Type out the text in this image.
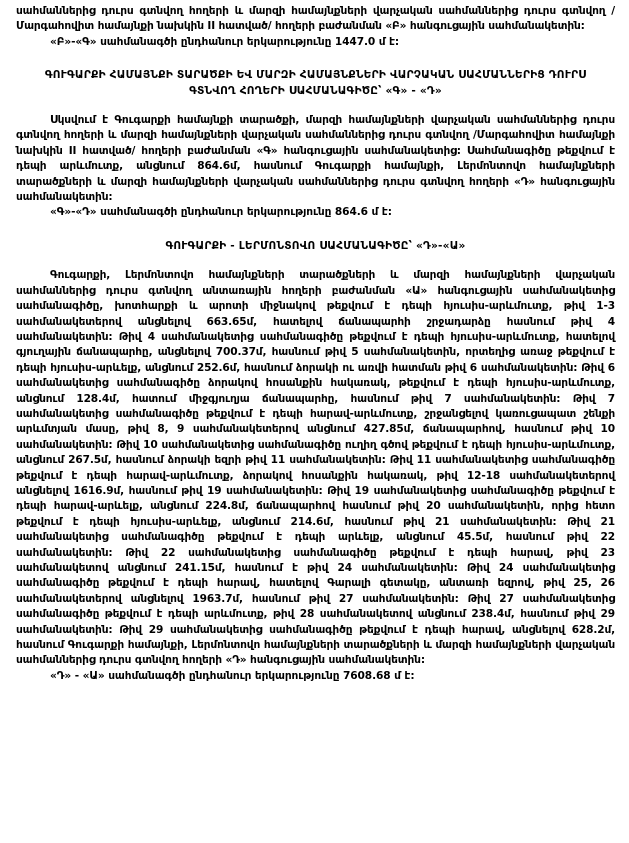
սահմաններից դուրս գտնվող հողերի և մարզի համայնքների վարչական սահմաններից դուրս գտնվող /Մարգահովիտ համայնքի նախկին II հատված/ հողերի բաժանման «Բ» հանգուցային սահմանակետին:

«Բ»-«Գ» սահմանագծի ընդհանուր երկարությունը 1447.0 մ է:

ԳՈՒԳԱՐՔԻ ՀԱՄԱՅՆՔԻ ՏԱՐԱԾՔԻ ԵՎ ՄԱՐԶԻ ՀԱՄԱՅՆՔՆԵՐԻ ՎԱՐՉԱԿԱՆ ՍԱՀՄԱՆՆԵՐԻՑ ԴՈՒՐՍ

ԳՏՆՎՈՂ ՀՈՂԵՐԻ ՍԱՀՄԱՆԱԳԻԾԸ՝ «Գ» - «Դ»

Սկսվում է Գուգարքի համայնքի տարածքի, մարզի համայնքների վարչական սահմաններից դուրս գտնվող հողերի և մարզի համայնքների վարչական սահմաններից դուրս գտնվող /Մարգահովիտ համայնքի նախկին II հատված/ հողերի բաժանման «Գ» հանգուցային սահմանակետից: Սահմանագիծը թեքվում է դեպի արևմուտք, անցնում 864.6մ, հասնում Գուգարքի համայնքի, Լերմոնտովո համայնքների տարածքների և մարզի համայնքների վարչական սահմաններից դուրս գտնվող հողերի «Դ» հանգուցային սահմանակետին:

«Գ»-«Դ» սահմանագծի ընդհանուր երկարությունը 864.6 մ է:

ԳՈՒԳԱՐՔԻ - ԼԵՐՄՈՆՏՈՎՈ ՍԱՀՄԱՆԱԳԻԾԸ՝ «Դ»-«Ա»

Գուգարքի, Լերմոնտովո համայնքների տարածքների և մարզի համայնքների վարչական սահմաններից դուրս գտնվող անտառային հողերի բաժանման «Ա» հանգուցային սահմանակետից սահմանագիծը, խոտհարքի և արոտի միջնակով թեքվում է դեպի հյուսիս-արևմուտք, թիվ 1-3 սահմանակետերով անցնելով 663.65մ, հատելով ճանապարհի շրջադարձը հասնում թիվ 4 սահմանակետին: Թիվ 4 սահմանակետից սահմանագիծը թեքվում է դեպի հյուսիս-արևմուտք, հատելով գյուղային ճանապարհը, անցնելով 700.37մ, հասնում թիվ 5 սահմանակետին, որտեղից առաջ թեքվում է դեպի հյուսիս-արևելք, անցնում 252.6մ, հասնում ձորակի ու առվի հատման թիվ 6 սահմանակետին: Թիվ 6 սահմանակետից սահմանագիծը ձորակով հոսանքին հակառակ, թեքվում է դեպի հյուսիս-արևմուտք, անցնում 128.4մ, հատում միջգյուղյա ճանապարհը, հասնում թիվ 7 սահմանակետին: Թիվ 7 սահմանակետից սահմանագիծը թեքվում է դեպի հարավ-արևմուտք, շրջանցելով կառուցապատ շենքի արևմտյան մասը, թիվ 8, 9 սահմանակետերով անցնում 427.85մ, ճանապարհով, հասնում թիվ 10 սահմանակետին: Թիվ 10 սահմանակետից սահմանագիծը ուղիղ գծով թեքվում է դեպի հյուսիս-արևմուտք, անցնում 267.5մ, հասնում ձորակի եզրի թիվ 11 սահմանակետին: Թիվ 11 սահմանակետից սահմանագիծը թեքվում է դեպի հարավ-արևմուտք, ձորակով հոսանքին հակառակ, թիվ 12-18 սահմանակետերով անցնելով 1616.9մ, հասնում թիվ 19 սահմանակետին: Թիվ 19 սահմանակետից սահմանագիծը թեքվում է դեպի հարավ-արևելք, անցնում 224.8մ, ճանապարհով հասնում թիվ 20 սահմանակետին, որից հետո թեքվում է դեպի հյուսիս-արևելք, անցնում 214.6մ, հասնում թիվ 21 սահմանակետին: Թիվ 21 սահմանակետից սահմանագիծը թեքվում է դեպի արևելք, անցնում 45.5մ, հասնում թիվ 22 սահմանակետին: Թիվ 22 սահմանակետից սահմանագիծը թեքվում է դեպի հարավ, թիվ 23 սահմանակետով անցնում 241.15մ, հասնում է թիվ 24 սահմանակետին: Թիվ 24 սահմանակետից սահմանագիծը թեքվում է դեպի հարավ, հատելով Գարալի գետակը, անտառի եզրով, թիվ 25, 26 սահմանակետերով անցնելով 1963.7մ, հասնում թիվ 27 սահմանակետին: Թիվ 27 սահմանակետից սահմանագիծը թեքվում է դեպի արևմուտք, թիվ 28 սահմանակետով անցնում 238.4մ, հասնում թիվ 29 սահմանակետին: Թիվ 29 սահմանակետից սահմանագիծը թեքվում է դեպի հարավ, անցնելով 628.2մ, հասնում Գուգարքի համայնքի, Լերմոնտովո համայնքների տարածքների և մարզի համայնքների վարչական սահմաններից դուրս գտնվող հողերի «Դ» հանգուցային սահմանակետին:

«Դ» - «Ա» սահմանագծի ընդհանուր երկարությունը 7608.68 մ է:
